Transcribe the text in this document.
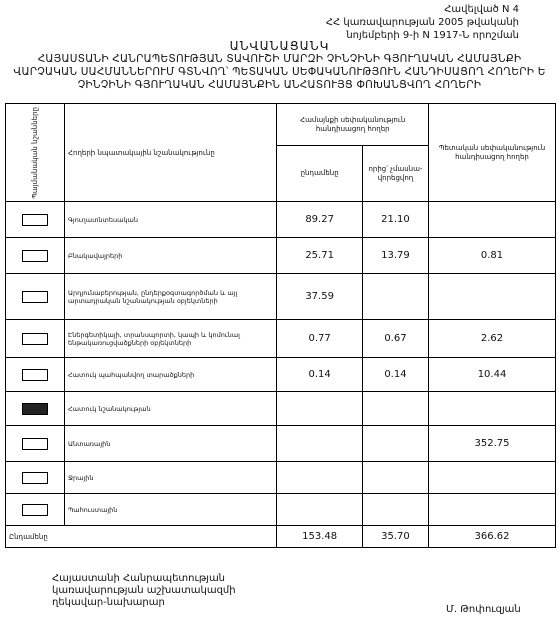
Հավելված N 4
ՀՀ կառավարության 2005 թվականի
նոյեմբերի 9-ի N 1917-Ն որոշման
ԱՆՎԱՆԱՑԱՆԿ
ՀԱՅԱՍՏԱՆԻ ՀԱՆՐԱՊԵՏՈՒԹՅԱՆ ՏԱՎՈՒՇԻ ՄԱՐԶԻ ՉԻՆՉԻՆԻ ԳՅՈՒՂԱԿԱՆ ՀԱՄԱՅՆՔԻ
ՎԱՐՉԱԿԱՆ ՍԱՀՄԱՆՆԵՐՈՒՄ ԳՏՆՎՈՂ՝ ՊԵՏԱԿԱՆ ՍԵՓԱԿԱՆՈՒԹՅՈՒՆ ՀԱՆԴԻՍԱՑՈՂ ՀՈՂԵՐԻ Ե
ՉԻՆՉԻՆԻ ԳՅՈՒՂԱԿԱՆ ՀԱՄԱՅՆՔԻՆ ԱՆՀԱՏՈՒՅՑ ՓՈԽԱՆՑՎՈՂ ՀՈՂԵՐԻ
Պայմանական նշանները	Հողերի նպատակային նշանակությունը	Համայնքի սեփականություն հանդիսացող հողեր		Պետական սեփականություն հանդիսացող հողեր
		ընդամենը	որից՝ չմասնա-վորեցվող	
	Գյուղատնտեսական	89.27	21.10	
	Բնակավայրերի	25.71	13.79	0.81
	Արդյունաբերության, ընդերքօգտագործման և այլ արտադրական նշանակության օբյեկտների	37.59		
	Էներգետիկայի, տրանսպորտի, կապի և կոմունալ ենթակառուցվածքների օբյեկտների	0.77	0.67	2.62
	Հատուկ պահպանվող տարածքների	0.14	0.14	10.44
	Հատուկ նշանակության			
	Անտառային			352.75
	Ջրային			
	Պահուստային			
Ընդամենը		153.48	35.70	366.62
Հայաստանի Հանրապետության
կառավարության աշխատակազմի
ղեկավար-նախարար
Մ. Թոփուզյան
